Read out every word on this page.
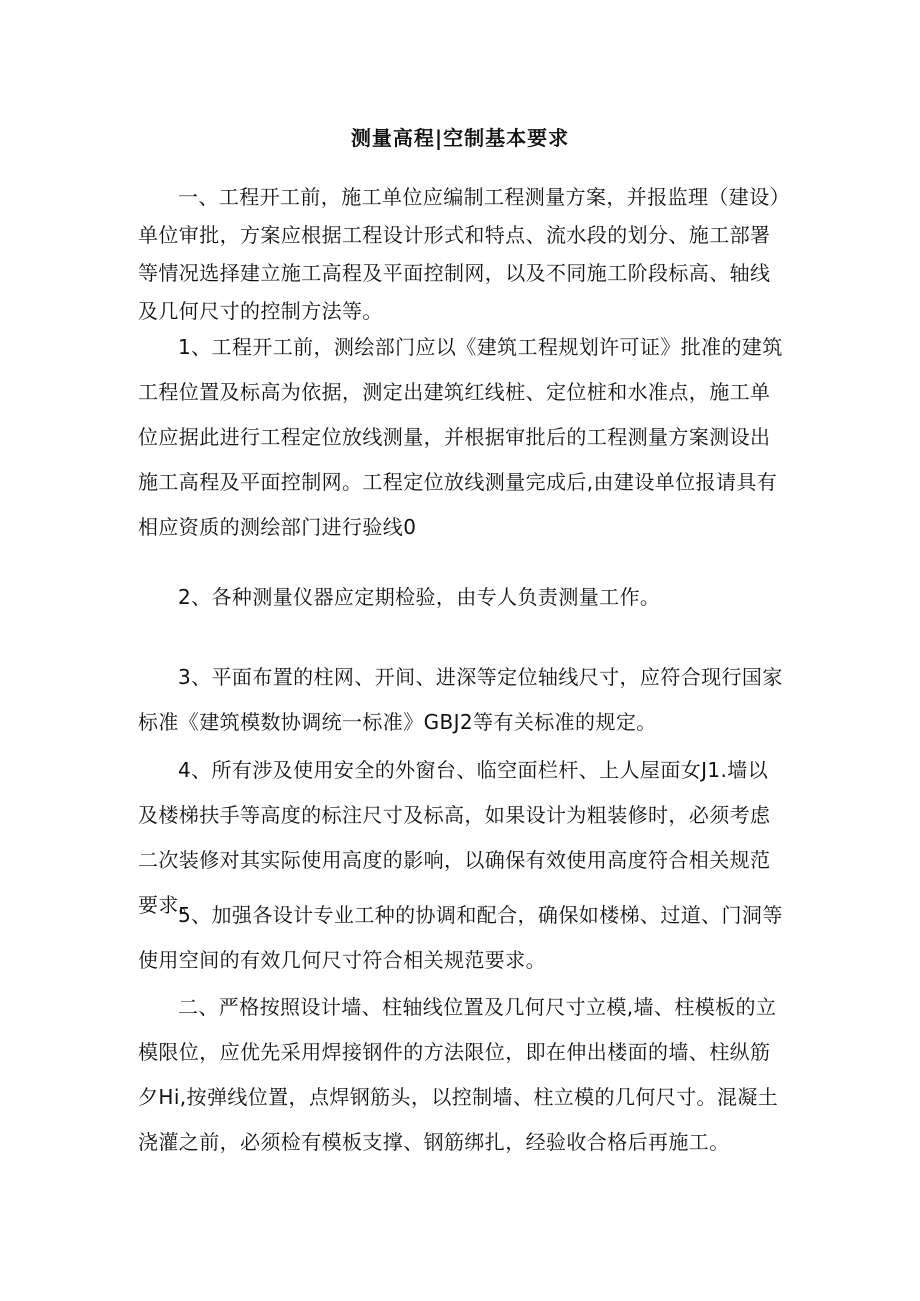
测量高程|空制基本要求

一、工程开工前，施工单位应编制工程测量方案，并报监理（建设）单位审批，方案应根据工程设计形式和特点、流水段的划分、施工部署等情况选择建立施工高程及平面控制网，以及不同施工阶段标高、轴线及几何尺寸的控制方法等。

1、工程开工前，测绘部门应以《建筑工程规划许可证》批准的建筑工程位置及标高为依据，测定出建筑红线桩、定位桩和水准点，施工单位应据此进行工程定位放线测量，并根据审批后的工程测量方案测设出施工高程及平面控制网。工程定位放线测量完成后,由建设单位报请具有相应资质的测绘部门进行验线0

2、各种测量仪器应定期检验，由专人负责测量工作。

3、平面布置的柱网、开间、进深等定位轴线尺寸，应符合现行国家标准《建筑模数协调统一标准》GBJ2等有关标准的规定。

4、所有涉及使用安全的外窗台、临空面栏杆、上人屋面女J1.墙以及楼梯扶手等高度的标注尺寸及标高，如果设计为粗装修时，必须考虑二次装修对其实际使用高度的影响，以确保有效使用高度符合相关规范要求。

5、加强各设计专业工种的协调和配合，确保如楼梯、过道、门洞等使用空间的有效几何尺寸符合相关规范要求。

二、严格按照设计墙、柱轴线位置及几何尺寸立模,墙、柱模板的立模限位，应优先采用焊接钢件的方法限位，即在伸出楼面的墙、柱纵筋夕Hi,按弹线位置，点焊钢筋头，以控制墙、柱立模的几何尺寸。混凝土浇灌之前，必须检有模板支撑、钢筋绑扎，经验收合格后再施工。
